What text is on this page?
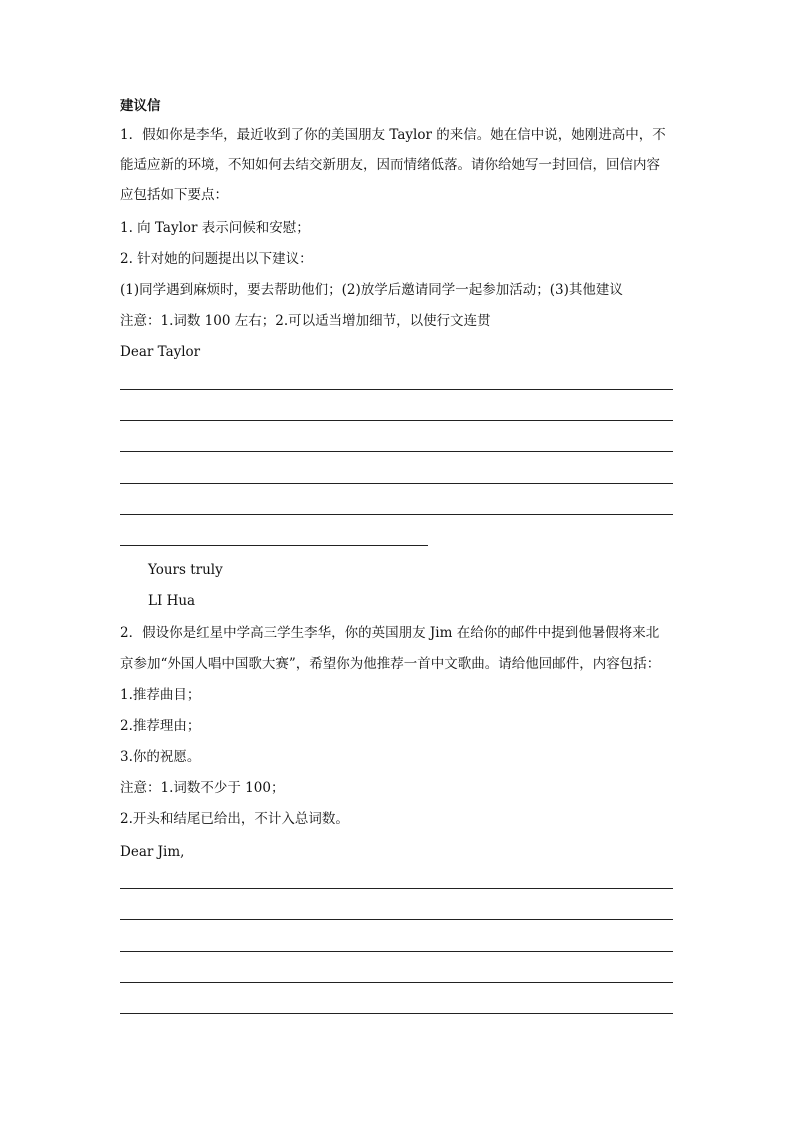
建议信
1．假如你是李华，最近收到了你的美国朋友 Taylor 的来信。她在信中说，她刚进高中，不
能适应新的环境，不知如何去结交新朋友，因而情绪低落。请你给她写一封回信，回信内容
应包括如下要点：
1. 向 Taylor 表示问候和安慰；
2. 针对她的问题提出以下建议：
(1)同学遇到麻烦时，要去帮助他们；(2)放学后邀请同学一起参加活动；(3)其他建议
注意：1.词数 100 左右；2.可以适当增加细节，以使行文连贯
Dear Taylor
Yours truly
LI Hua
2．假设你是红星中学高三学生李华，你的英国朋友 Jim 在给你的邮件中提到他暑假将来北
京参加“外国人唱中国歌大赛”，希望你为他推荐一首中文歌曲。请给他回邮件，内容包括：
1.推荐曲目；
2.推荐理由；
3.你的祝愿。
注意：1.词数不少于 100；
2.开头和结尾已给出，不计入总词数。
Dear Jim,
